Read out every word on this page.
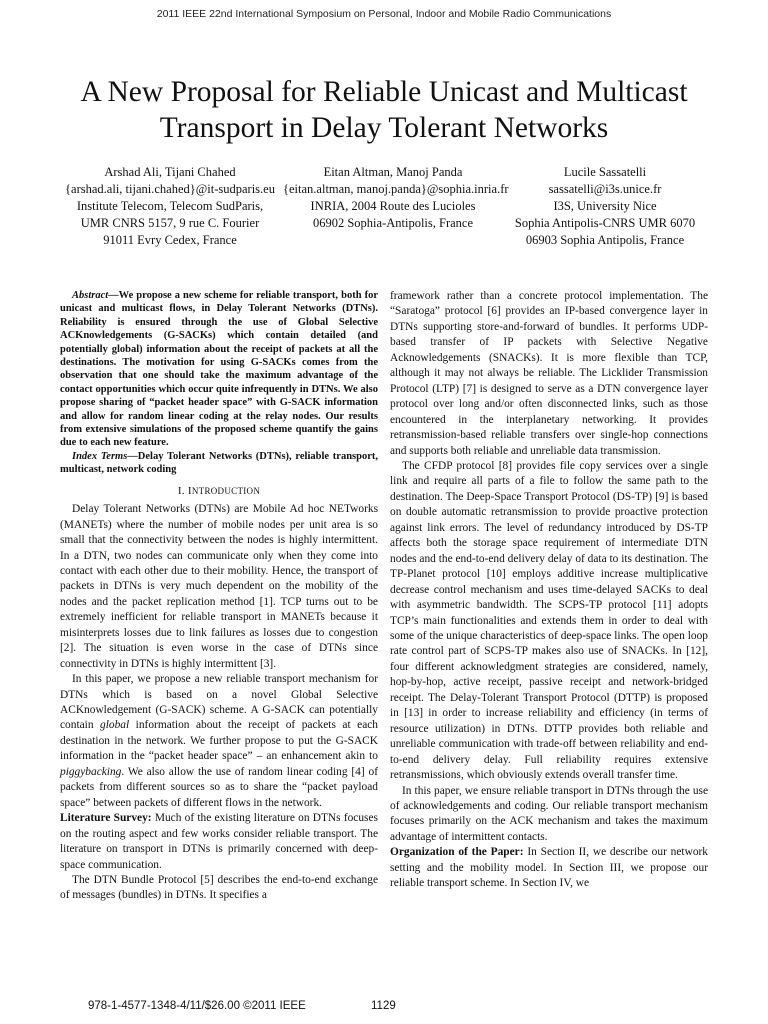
2011 IEEE 22nd International Symposium on Personal, Indoor and Mobile Radio Communications
A New Proposal for Reliable Unicast and Multicast
Transport in Delay Tolerant Networks
Arshad Ali, Tijani Chahed
{arshad.ali, tijani.chahed}@it-sudparis.eu
Institute Telecom, Telecom SudParis,
UMR CNRS 5157, 9 rue C. Fourier
91011 Evry Cedex, France
Eitan Altman, Manoj Panda
{eitan.altman, manoj.panda}@sophia.inria.fr
INRIA, 2004 Route des Lucioles
06902 Sophia-Antipolis, France
Lucile Sassatelli
sassatelli@i3s.unice.fr
I3S, University Nice
Sophia Antipolis-CNRS UMR 6070
06903 Sophia Antipolis, France

Abstract—We propose a new scheme for reliable transport, both for unicast and multicast flows, in Delay Tolerant Networks (DTNs). Reliability is ensured through the use of Global Selective ACKnowledgements (G-SACKs) which contain detailed (and potentially global) information about the receipt of packets at all the destinations. The motivation for using G-SACKs comes from the observation that one should take the maximum advantage of the contact opportunities which occur quite infrequently in DTNs. We also propose sharing of “packet header space” with G-SACK information and allow for random linear coding at the relay nodes. Our results from extensive simulations of the proposed scheme quantify the gains due to each new feature.

Index Terms—Delay Tolerant Networks (DTNs), reliable transport, multicast, network coding

I. INTRODUCTION

Delay Tolerant Networks (DTNs) are Mobile Ad hoc NETworks (MANETs) where the number of mobile nodes per unit area is so small that the connectivity between the nodes is highly intermittent. In a DTN, two nodes can communicate only when they come into contact with each other due to their mobility. Hence, the transport of packets in DTNs is very much dependent on the mobility of the nodes and the packet replication method [1]. TCP turns out to be extremely inefficient for reliable transport in MANETs because it misinterprets losses due to link failures as losses due to congestion [2]. The situation is even worse in the case of DTNs since connectivity in DTNs is highly intermittent [3].

In this paper, we propose a new reliable transport mechanism for DTNs which is based on a novel Global Selective ACKnowledgement (G-SACK) scheme. A G-SACK can potentially contain global information about the receipt of packets at each destination in the network. We further propose to put the G-SACK information in the “packet header space” – an enhancement akin to piggybacking. We also allow the use of random linear coding [4] of packets from different sources so as to share the “packet payload space” between packets of different flows in the network.

Literature Survey: Much of the existing literature on DTNs focuses on the routing aspect and few works consider reliable transport. The literature on transport in DTNs is primarily concerned with deep-space communication.

The DTN Bundle Protocol [5] describes the end-to-end exchange of messages (bundles) in DTNs. It specifies a

framework rather than a concrete protocol implementation. The “Saratoga” protocol [6] provides an IP-based convergence layer in DTNs supporting store-and-forward of bundles. It performs UDP-based transfer of IP packets with Selective Negative Acknowledgements (SNACKs). It is more flexible than TCP, although it may not always be reliable. The Licklider Transmission Protocol (LTP) [7] is designed to serve as a DTN convergence layer protocol over long and/or often disconnected links, such as those encountered in the interplanetary networking. It provides retransmission-based reliable transfers over single-hop connections and supports both reliable and unreliable data transmission.

The CFDP protocol [8] provides file copy services over a single link and require all parts of a file to follow the same path to the destination. The Deep-Space Transport Protocol (DS-TP) [9] is based on double automatic retransmission to provide proactive protection against link errors. The level of redundancy introduced by DS-TP affects both the storage space requirement of intermediate DTN nodes and the end-to-end delivery delay of data to its destination. The TP-Planet protocol [10] employs additive increase multiplicative decrease control mechanism and uses time-delayed SACKs to deal with asymmetric bandwidth. The SCPS-TP protocol [11] adopts TCP’s main functionalities and extends them in order to deal with some of the unique characteristics of deep-space links. The open loop rate control part of SCPS-TP makes also use of SNACKs. In [12], four different acknowledgment strategies are considered, namely, hop-by-hop, active receipt, passive receipt and network-bridged receipt. The Delay-Tolerant Transport Protocol (DTTP) is proposed in [13] in order to increase reliability and efficiency (in terms of resource utilization) in DTNs. DTTP provides both reliable and unreliable communication with trade-off between reliability and end-to-end delivery delay. Full reliability requires extensive retransmissions, which obviously extends overall transfer time.

In this paper, we ensure reliable transport in DTNs through the use of acknowledgements and coding. Our reliable transport mechanism focuses primarily on the ACK mechanism and takes the maximum advantage of intermittent contacts.

Organization of the Paper: In Section II, we describe our network setting and the mobility model. In Section III, we propose our reliable transport scheme. In Section IV, we

978-1-4577-1348-4/11/$26.00 ©2011 IEEE	1129
